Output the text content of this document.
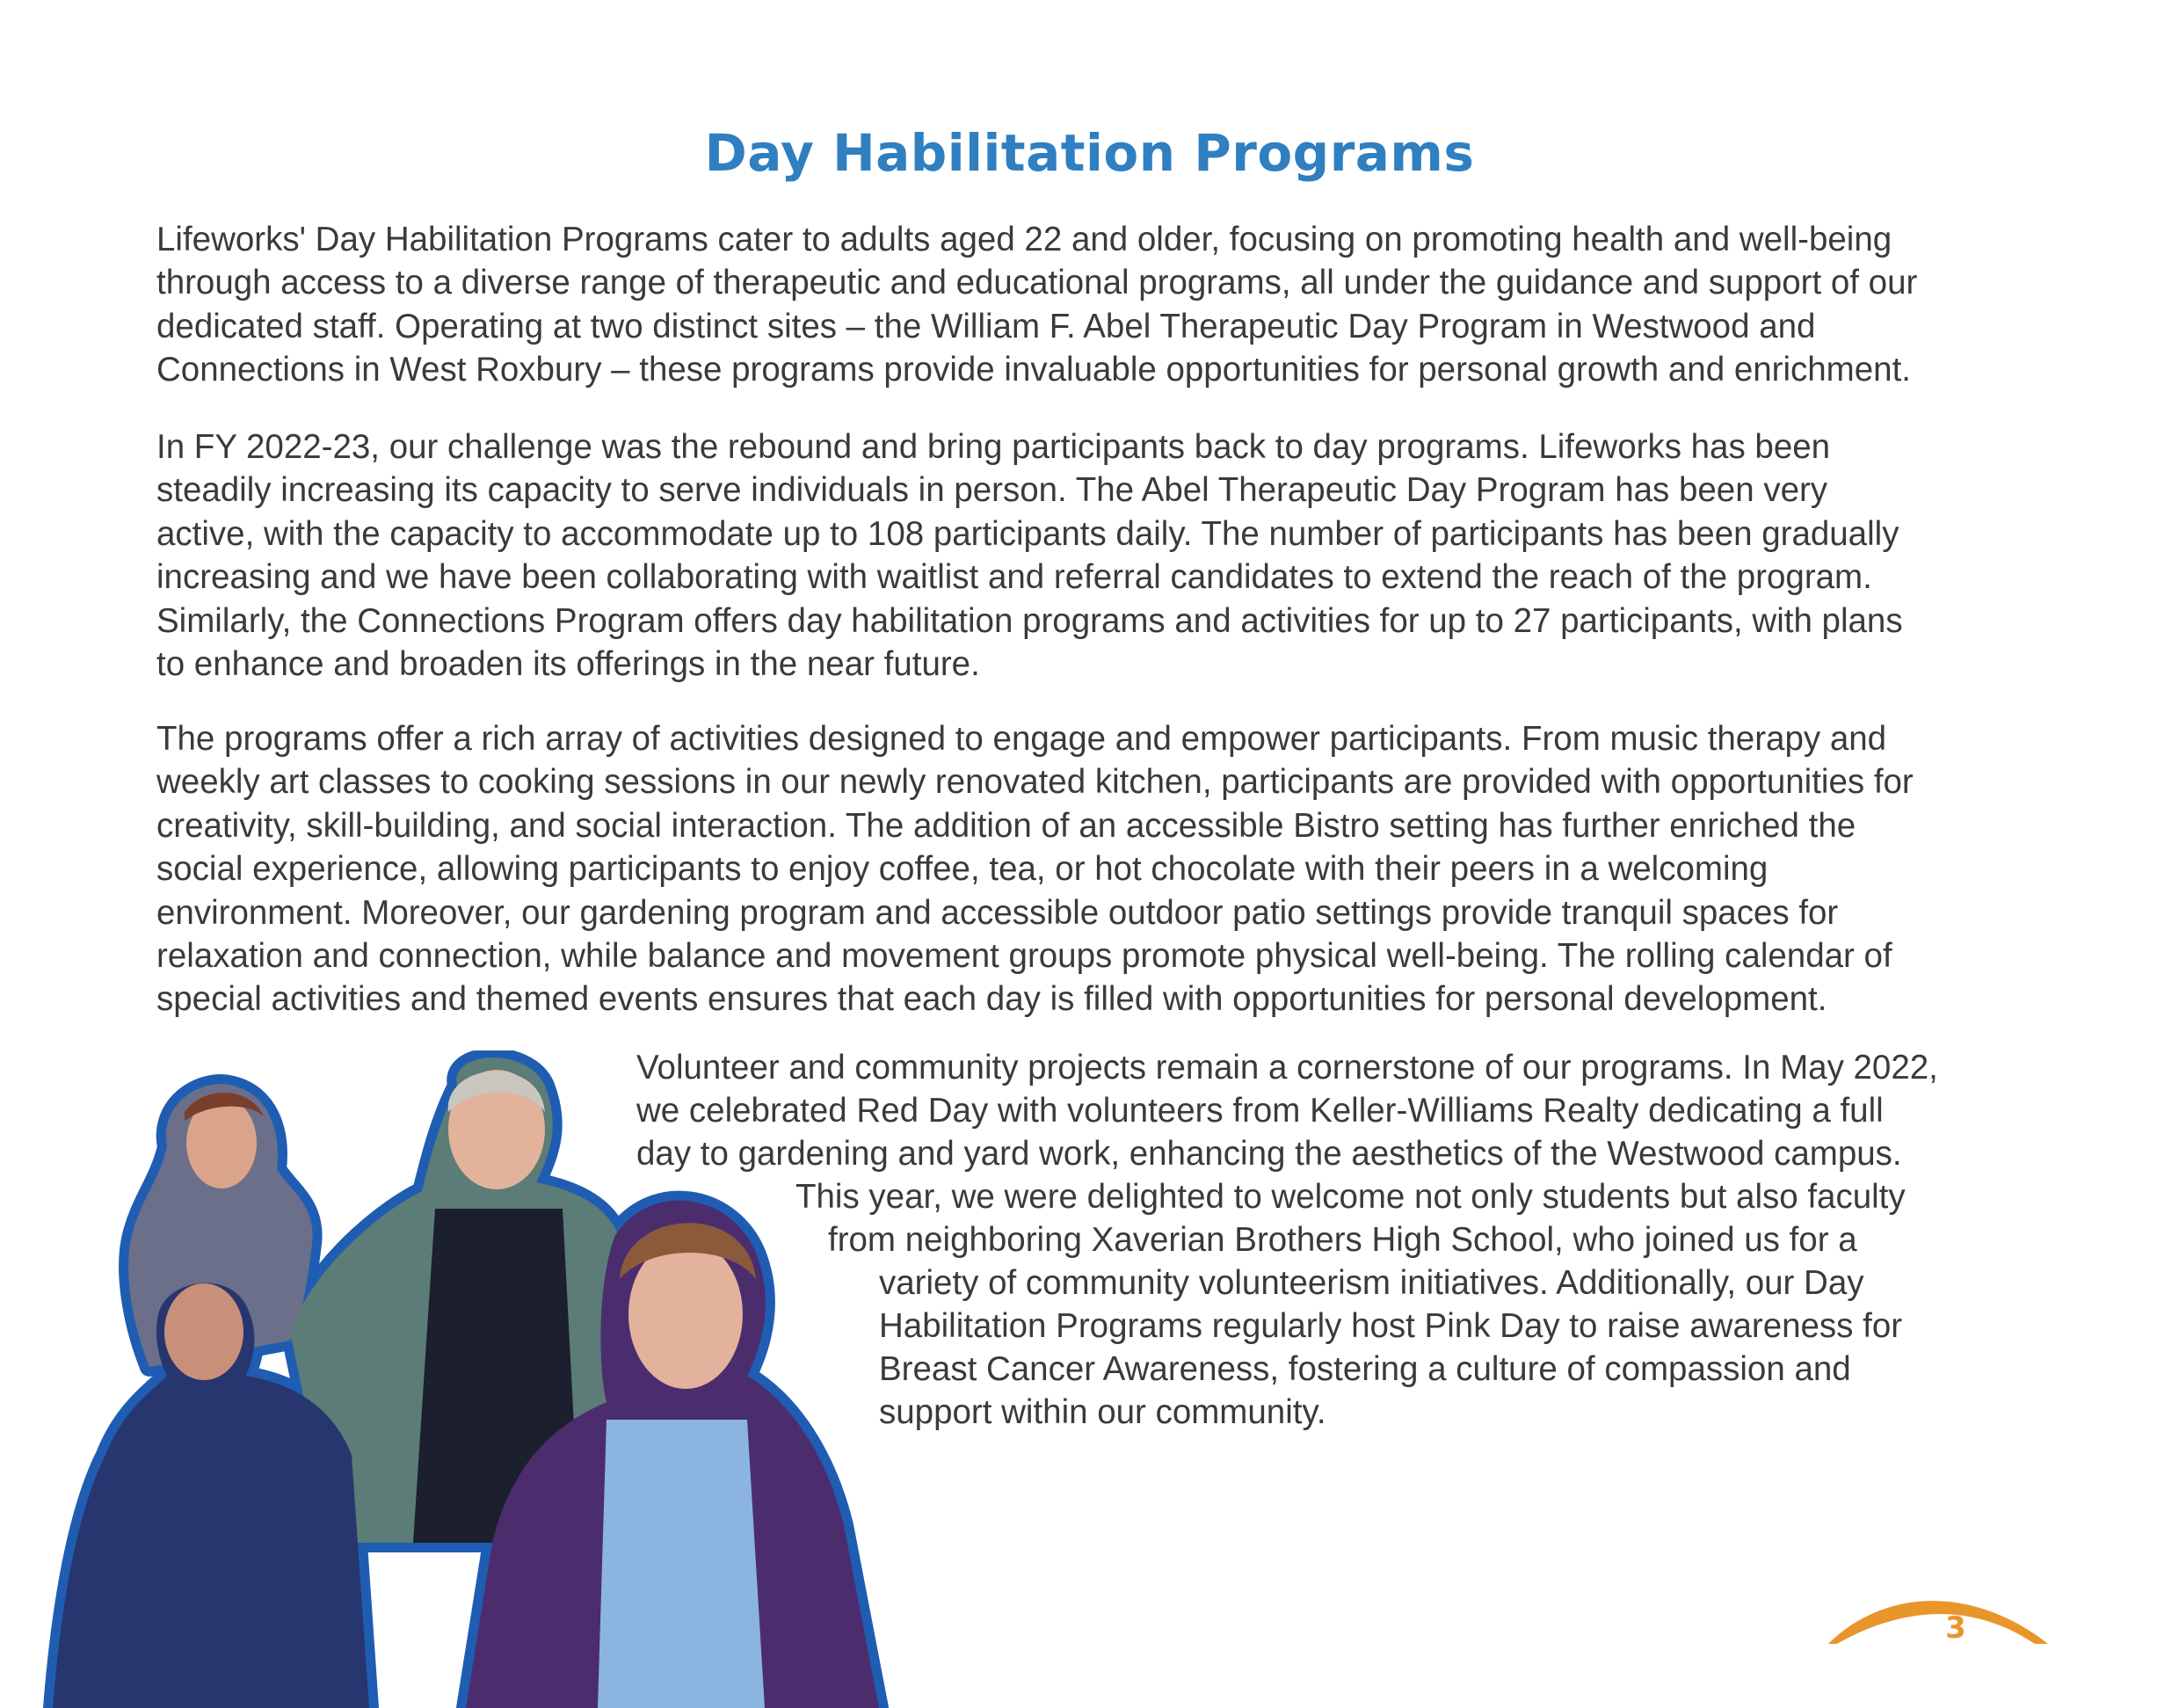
Day Habilitation Programs

Lifeworks' Day Habilitation Programs cater to adults aged 22 and older, focusing on promoting health and well-being
through access to a diverse range of therapeutic and educational programs, all under the guidance and support of our
dedicated staff. Operating at two distinct sites – the William F. Abel Therapeutic Day Program in Westwood and
Connections in West Roxbury – these programs provide invaluable opportunities for personal growth and enrichment.

In FY 2022-23, our challenge was the rebound and bring participants back to day programs. Lifeworks has been
steadily increasing its capacity to serve individuals in person. The Abel Therapeutic Day Program has been very
active, with the capacity to accommodate up to 108 participants daily. The number of participants has been gradually
increasing and we have been collaborating with waitlist and referral candidates to extend the reach of the program.
Similarly, the Connections Program offers day habilitation programs and activities for up to 27 participants, with plans
to enhance and broaden its offerings in the near future.

The programs offer a rich array of activities designed to engage and empower participants. From music therapy and
weekly art classes to cooking sessions in our newly renovated kitchen, participants are provided with opportunities for
creativity, skill-building, and social interaction. The addition of an accessible Bistro setting has further enriched the
social experience, allowing participants to enjoy coffee, tea, or hot chocolate with their peers in a welcoming
environment. Moreover, our gardening program and accessible outdoor patio settings provide tranquil spaces for
relaxation and connection, while balance and movement groups promote physical well-being. The rolling calendar of
special activities and themed events ensures that each day is filled with opportunities for personal development.

Volunteer and community projects remain a cornerstone of our programs. In May 2022,
we celebrated Red Day with volunteers from Keller-Williams Realty dedicating a full
day to gardening and yard work, enhancing the aesthetics of the Westwood campus.
This year, we were delighted to welcome not only students but also faculty
from neighboring Xaverian Brothers High School, who joined us for a
variety of community volunteerism initiatives. Additionally, our Day
Habilitation Programs regularly host Pink Day to raise awareness for
Breast Cancer Awareness, fostering a culture of compassion and
support within our community.
3
